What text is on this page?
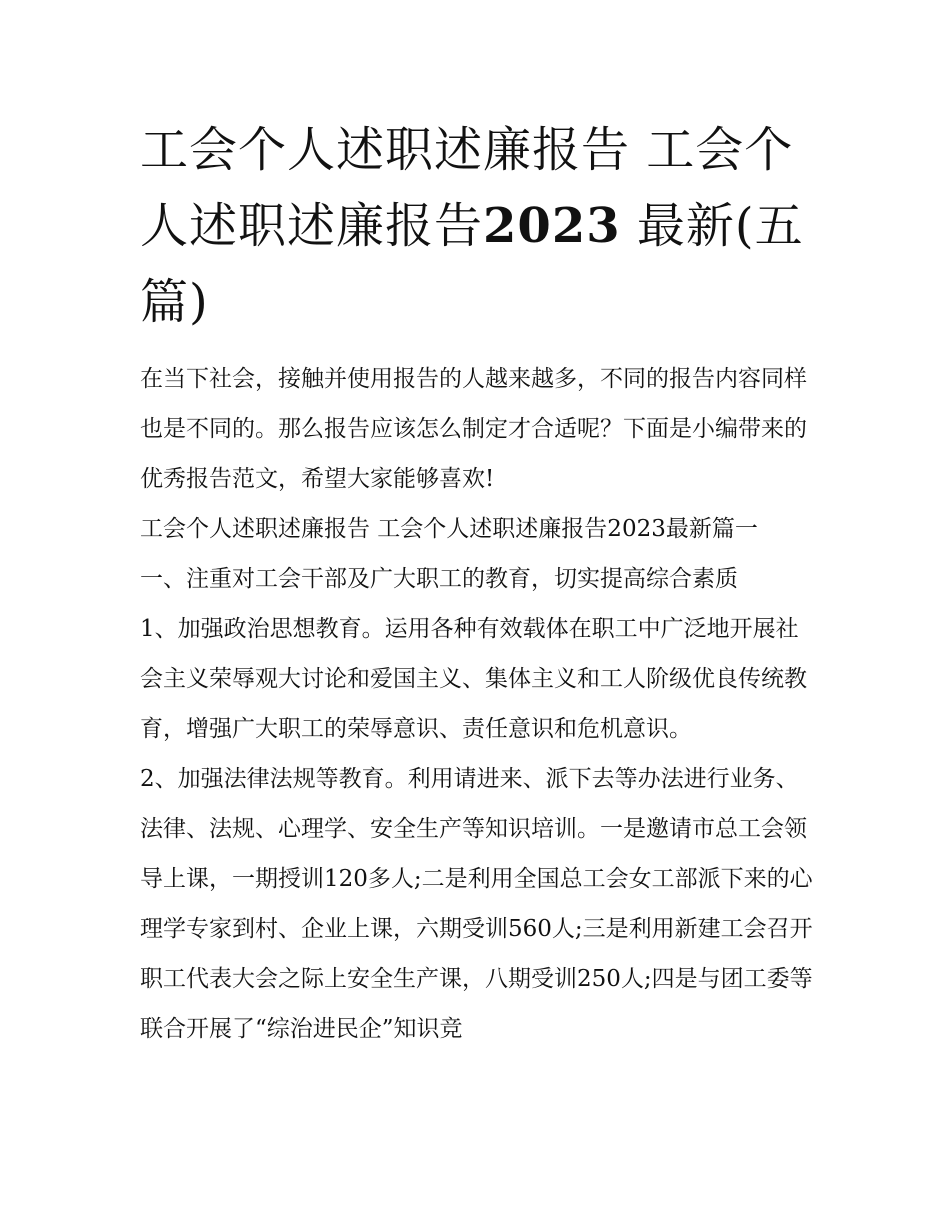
工会个人述职述廉报告 工会个人述职述廉报告2023 最新(五篇)

在当下社会，接触并使用报告的人越来越多，不同的报告内容同样也是不同的。那么报告应该怎么制定才合适呢？下面是小编带来的优秀报告范文，希望大家能够喜欢!

工会个人述职述廉报告 工会个人述职述廉报告2023最新篇一

一、注重对工会干部及广大职工的教育，切实提高综合素质

1、加强政治思想教育。运用各种有效载体在职工中广泛地开展社会主义荣辱观大讨论和爱国主义、集体主义和工人阶级优良传统教育，增强广大职工的荣辱意识、责任意识和危机意识。

2、加强法律法规等教育。利用请进来、派下去等办法进行业务、法律、法规、心理学、安全生产等知识培训。一是邀请市总工会领导上课，一期授训120多人;二是利用全国总工会女工部派下来的心理学专家到村、企业上课，六期受训560人;三是利用新建工会召开职工代表大会之际上安全生产课，八期受训250人;四是与团工委等联合开展了“综治进民企”知识竞
